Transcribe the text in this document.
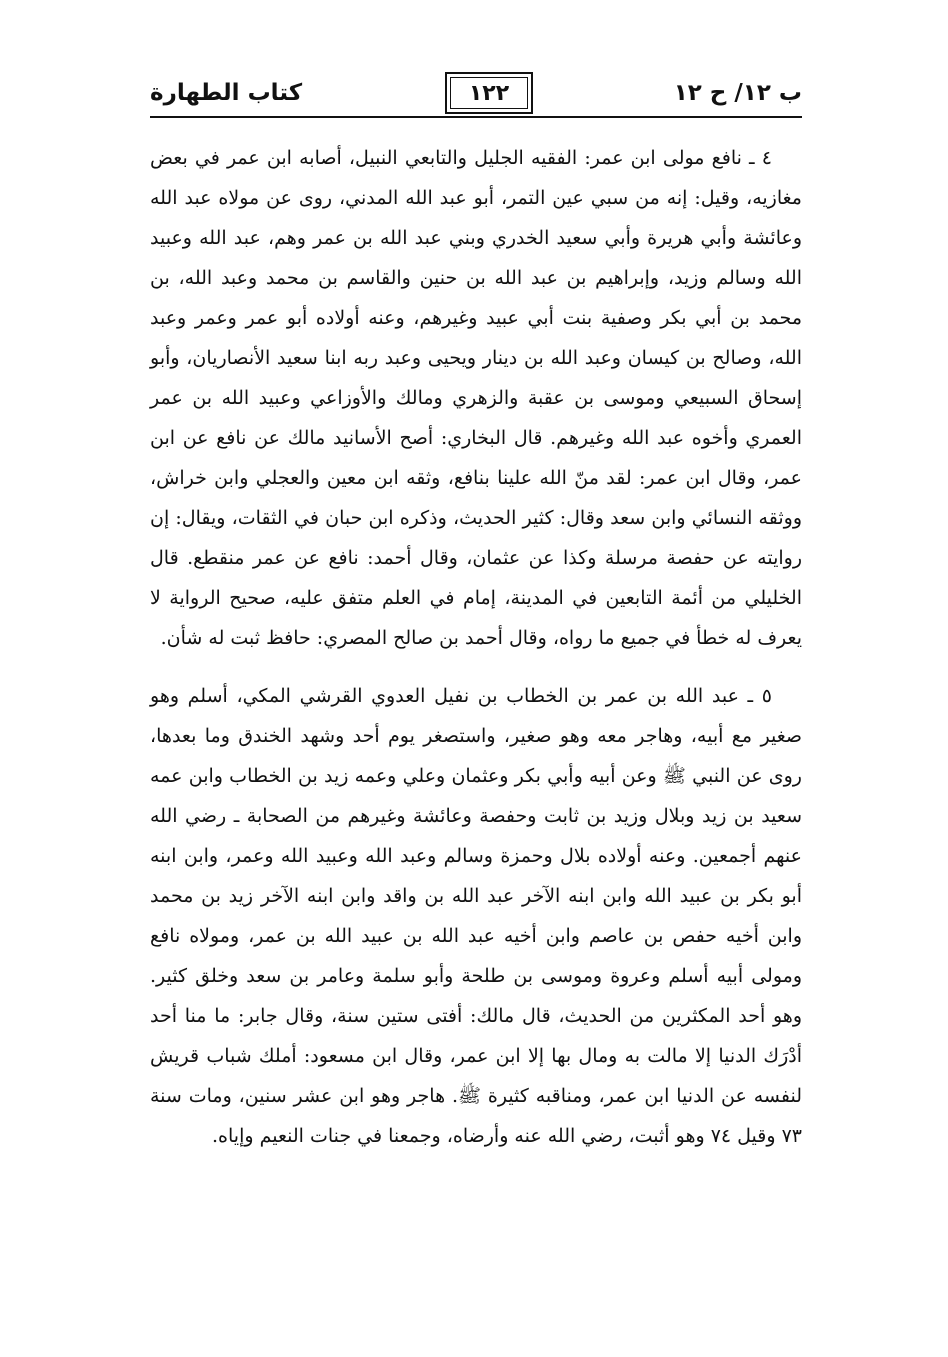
ب ١٢/ ح ١٢
١٢٢
كتاب الطهارة

٤ ـ نافع مولى ابن عمر: الفقيه الجليل والتابعي النبيل، أصابه ابن عمر في بعض مغازيه، وقيل: إنه من سبي عين التمر، أبو عبد الله المدني، روى عن مولاه عبد الله وعائشة وأبي هريرة وأبي سعيد الخدري وبني عبد الله بن عمر وهم، عبد الله وعبيد الله وسالم وزيد، وإبراهيم بن عبد الله بن حنين والقاسم بن محمد وعبد الله، بن محمد بن أبي بكر وصفية بنت أبي عبيد وغيرهم، وعنه أولاده أبو عمر وعمر وعبد الله، وصالح بن كيسان وعبد الله بن دينار ويحيى وعبد ربه ابنا سعيد الأنصاريان، وأبو إسحاق السبيعي وموسى بن عقبة والزهري ومالك والأوزاعي وعبيد الله بن عمر العمري وأخوه عبد الله وغيرهم. قال البخاري: أصح الأسانيد مالك عن نافع عن ابن عمر، وقال ابن عمر: لقد منّ الله علينا بنافع، وثقه ابن معين والعجلي وابن خراش، ووثقه النسائي وابن سعد وقال: كثير الحديث، وذكره ابن حبان في الثقات، ويقال: إن روايته عن حفصة مرسلة وكذا عن عثمان، وقال أحمد: نافع عن عمر منقطع. قال الخليلي من أئمة التابعين في المدينة، إمام في العلم متفق عليه، صحيح الرواية لا يعرف له خطأ في جميع ما رواه، وقال أحمد بن صالح المصري: حافظ ثبت له شأن.

٥ ـ عبد الله بن عمر بن الخطاب بن نفيل العدوي القرشي المكي، أسلم وهو صغير مع أبيه، وهاجر معه وهو صغير، واستصغر يوم أحد وشهد الخندق وما بعدها، روى عن النبي ﷺ وعن أبيه وأبي بكر وعثمان وعلي وعمه زيد بن الخطاب وابن عمه سعيد بن زيد وبلال وزيد بن ثابت وحفصة وعائشة وغيرهم من الصحابة ـ رضي الله عنهم أجمعين. وعنه أولاده بلال وحمزة وسالم وعبد الله وعبيد الله وعمر، وابن ابنه أبو بكر بن عبيد الله وابن ابنه الآخر عبد الله بن واقد وابن ابنه الآخر زيد بن محمد وابن أخيه حفص بن عاصم وابن أخيه عبد الله بن عبيد الله بن عمر، ومولاه نافع ومولى أبيه أسلم وعروة وموسى بن طلحة وأبو سلمة وعامر بن سعد وخلق كثير. وهو أحد المكثرين من الحديث، قال مالك: أفتى ستين سنة، وقال جابر: ما منا أحد أدْرَك الدنيا إلا مالت به ومال بها إلا ابن عمر، وقال ابن مسعود: أملك شباب قريش لنفسه عن الدنيا ابن عمر، ومناقبه كثيرة ﷺ. هاجر وهو ابن عشر سنين، ومات سنة ٧٣ وقيل ٧٤ وهو أثبت، رضي الله عنه وأرضاه، وجمعنا في جنات النعيم وإياه.
